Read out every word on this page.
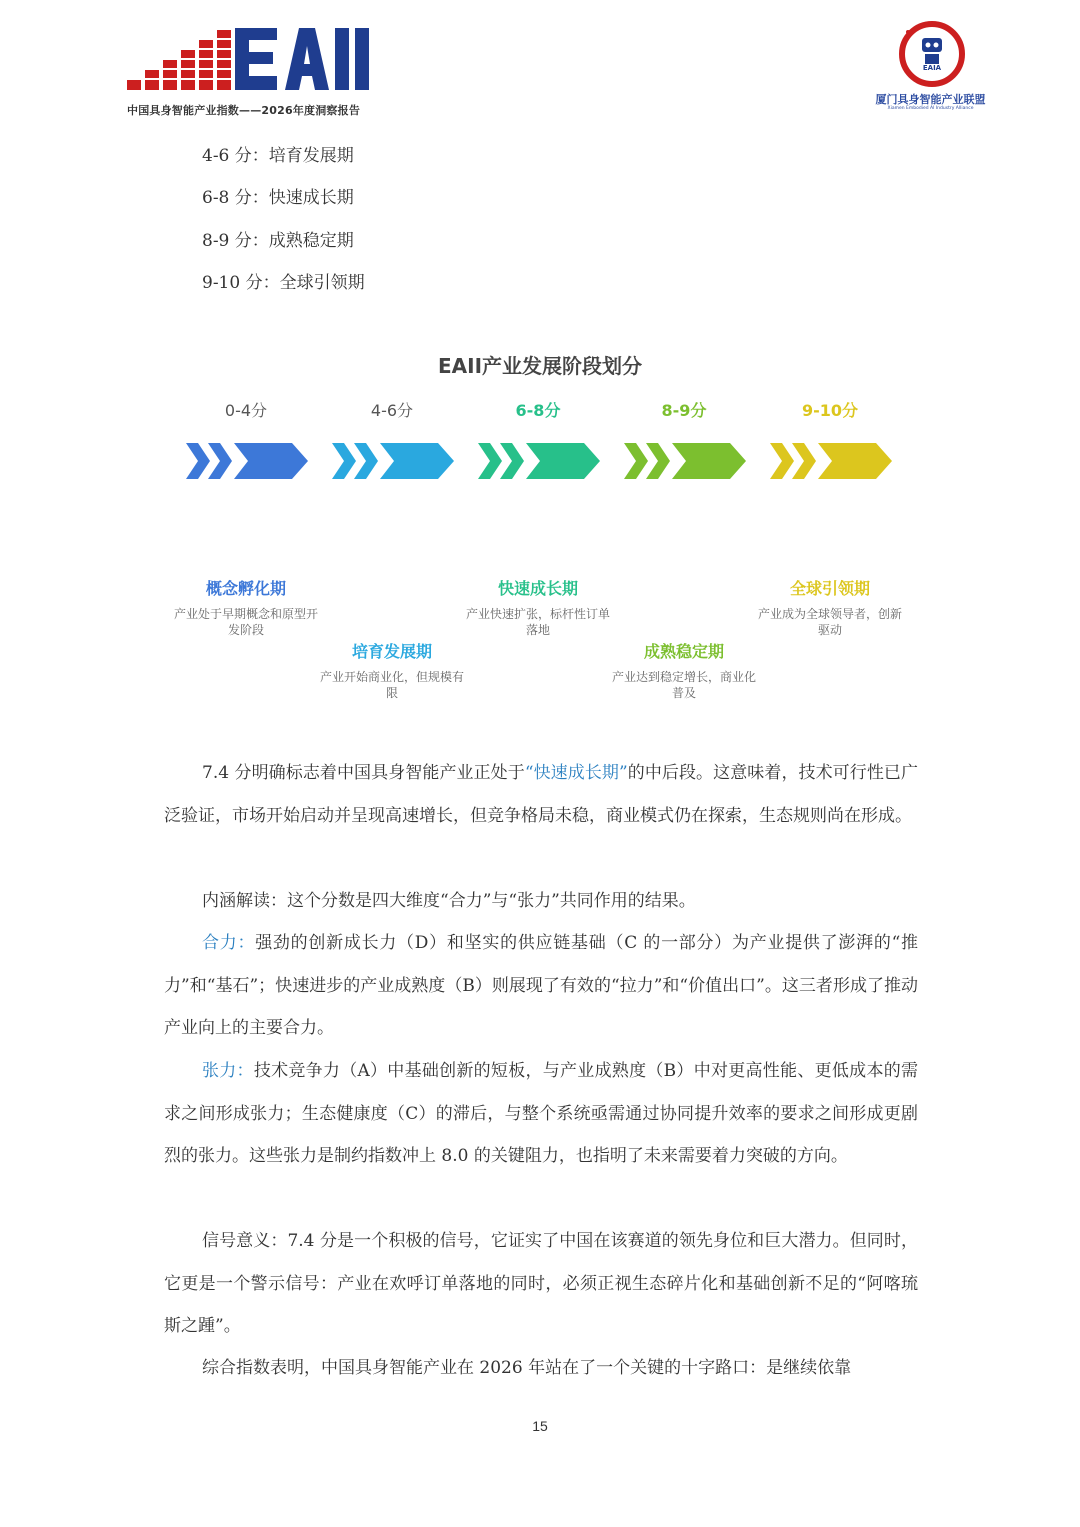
中国具身智能产业指数——2026年度洞察报告
EAIA
厦门具身智能产业联盟
Xiamen Embodied AI Industry Alliance
4-6 分：培育发展期
6-8 分：快速成长期
8-9 分：成熟稳定期
9-10 分：全球引领期
EAII产业发展阶段划分
0-4分	4-6分	6-8分	8-9分	9-10分
概念孵化期
产业处于早期概念和原型开发阶段
培育发展期
产业开始商业化，但规模有限
快速成长期
产业快速扩张，标杆性订单落地
成熟稳定期
产业达到稳定增长，商业化普及
全球引领期
产业成为全球领导者，创新驱动

7.4 分明确标志着中国具身智能产业正处于“快速成长期”的中后段。这意味着，技术可行性已广泛验证，市场开始启动并呈现高速增长，但竞争格局未稳，商业模式仍在探索，生态规则尚在形成。

内涵解读：这个分数是四大维度“合力”与“张力”共同作用的结果。

合力：强劲的创新成长力（D）和坚实的供应链基础（C 的一部分）为产业提供了澎湃的“推力”和“基石”；快速进步的产业成熟度（B）则展现了有效的“拉力”和“价值出口”。这三者形成了推动产业向上的主要合力。

张力：技术竞争力（A）中基础创新的短板，与产业成熟度（B）中对更高性能、更低成本的需求之间形成张力；生态健康度（C）的滞后，与整个系统亟需通过协同提升效率的要求之间形成更剧烈的张力。这些张力是制约指数冲上 8.0 的关键阻力，也指明了未来需要着力突破的方向。

信号意义：7.4 分是一个积极的信号，它证实了中国在该赛道的领先身位和巨大潜力。但同时，它更是一个警示信号：产业在欢呼订单落地的同时，必须正视生态碎片化和基础创新不足的“阿喀琉斯之踵”。

综合指数表明，中国具身智能产业在 2026 年站在了一个关键的十字路口：是继续依靠

15
